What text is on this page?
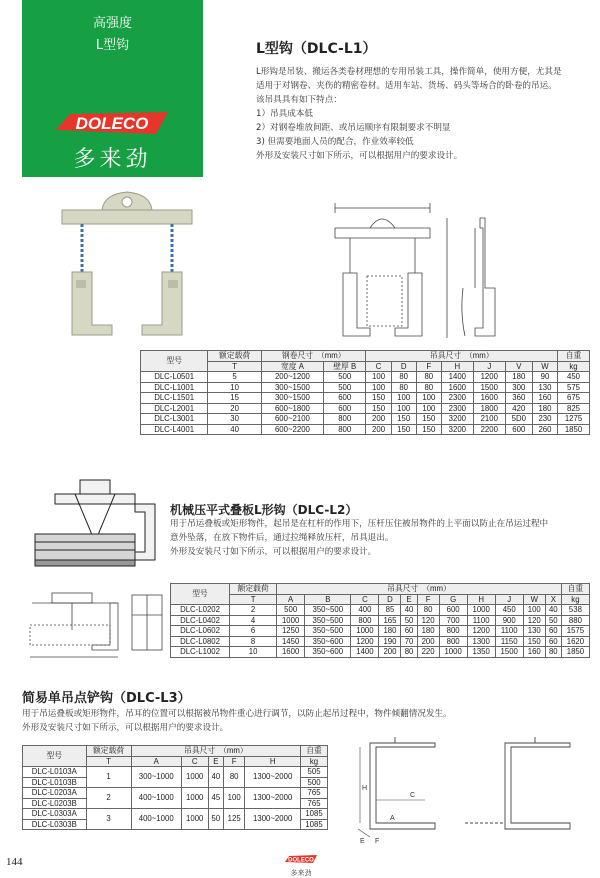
高强度
L型钩
DOLECO
多来劲
L型钩（DLC-L1）
L形钩是吊装、搬运各类卷材理想的专用吊装工具，操作简单，使用方便，尤其是
适用于对钢卷、夹伤的精密卷材。适用车站、货场、码头等场合的卧卷的吊运。
该吊具具有如下特点：
1）吊具成本低
2）对钢卷堆放间距、或吊运顺序有限制要求不明显
3) 但需要地面人员的配合，作业效率较低
外形及安装尺寸如下所示，可以根据用户的要求设计。
型号	额定载荷	钢卷尺寸　（mm）		吊具尺寸　（mm）							自重
	T	宽度 A	壁厚 B	C	D	F	H	J	V	W	kg
DLC-L0501	5	200~1200	500	100	80	80	1400	1200	180	90	450
DLC-L1001	10	300~1500	500	100	80	80	1600	1500	300	130	575
DLC-L1501	15	300~1500	600	150	100	100	2300	1600	360	160	675
DLC-L2001	20	600~1800	600	150	100	100	2300	1800	420	180	825
DLC-L3001	30	600~2100	800	200	150	150	3200	2100	5D0	230	1275
DLC-L4001	40	600~2200	800	200	150	150	3200	2200	600	260	1850
机械压平式叠板L形钩（DLC-L2）
用于吊运叠板或矩形物件，起吊是在杠杆的作用下，压杆压住被吊物件的上平面以防止在吊运过程中
意外坠落，在放下物件后，通过拉绳释放压杆，吊具退出。
外形及安装尺寸如下所示，可以根据用户的要求设计。
型号	额定载荷	吊具尺寸　（mm）											自重
	T	A	B	C	D	E	F	G	H	J	W	X	kg
DLC-L0202	2	500	350~500	400	85	40	80	600	1000	450	100	40	538
DLC-L0402	4	1000	350~500	800	165	50	120	700	1100	900	120	50	880
DLC-L0602	6	1250	350~500	1000	180	60	180	800	1200	1100	130	60	1575
DLC-L0802	8	1450	350~600	1200	190	70	200	800	1300	1150	150	60	1620
DLC-L1002	10	1600	350~600	1400	200	80	220	1000	1350	1500	160	80	1850
简易单吊点铲钩（DLC-L3）
用于吊运叠板或矩形物件，吊耳的位置可以根据被吊物件重心进行调节，以防止起吊过程中，物件倾翻情况发生。
外形及安装尺寸如下所示，可以根据用户的要求设计。
型号	额定载荷	吊具尺寸　（mm）					自重
	T	A	C	E	F	H	kg
DLC-L0103A	1	300~1000	1000	40	80	1300~2000	505
DLC-L0103B							500
DLC-L0203A	2	400~1000	1000	45	100	1300~2000	765
DLC-L0203B							765
DLC-L0303A	3	400~1000	1000	50	125	1300~2000	1085
DLC-L0303B							1085
H
C
A
E F
144	DOLECO
多来劲
